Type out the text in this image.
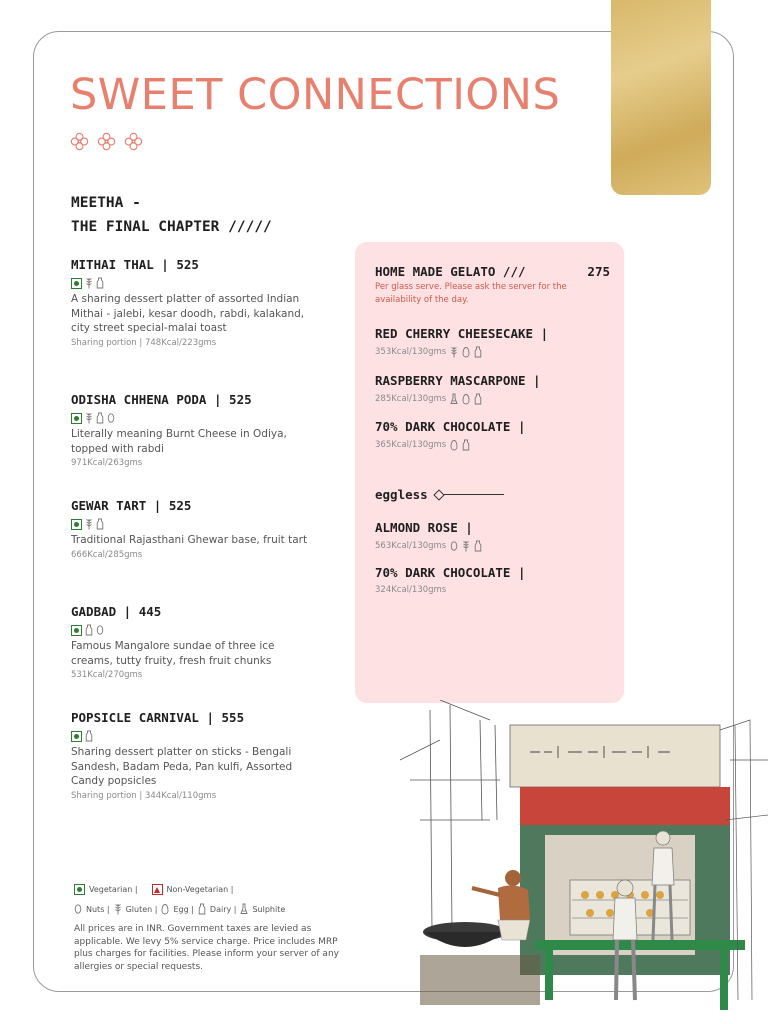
SWEET CONNECTIONS
MEETHA -
THE FINAL CHAPTER /////

MITHAI THAL | 525

A sharing dessert platter of assorted Indian Mithai - jalebi, kesar doodh, rabdi, kalakand, city street special-malai toast

Sharing portion | 748Kcal/223gms

ODISHA CHHENA PODA | 525

Literally meaning Burnt Cheese in Odiya, topped with rabdi

971Kcal/263gms

GEWAR TART | 525

Traditional Rajasthani Ghewar base, fruit tart

666Kcal/285gms

GADBAD | 445

Famous Mangalore sundae of three ice creams, tutty fruity, fresh fruit chunks

531Kcal/270gms

POPSICLE CARNIVAL | 555

Sharing dessert platter on sticks - Bengali Sandesh, Badam Peda, Pan kulfi, Assorted Candy popsicles

Sharing portion | 344Kcal/110gms

HOME MADE GELATO ///	275

Per glass serve. Please ask the server for the availability of the day.

RED CHERRY CHEESECAKE |

353Kcal/130gms

RASPBERRY MASCARPONE |

285Kcal/130gms

70% DARK CHOCOLATE |

365Kcal/130gms

eggless

ALMOND ROSE |

563Kcal/130gms

70% DARK CHOCOLATE |

324Kcal/130gms

Vegetarian |	Non-Vegetarian |
Nuts | Gluten | Egg | Dairy | Sulphite

All prices are in INR. Government taxes are levied as applicable. We levy 5% service charge. Price includes MRP plus charges for facilities. Please inform your server of any allergies or special requests.
